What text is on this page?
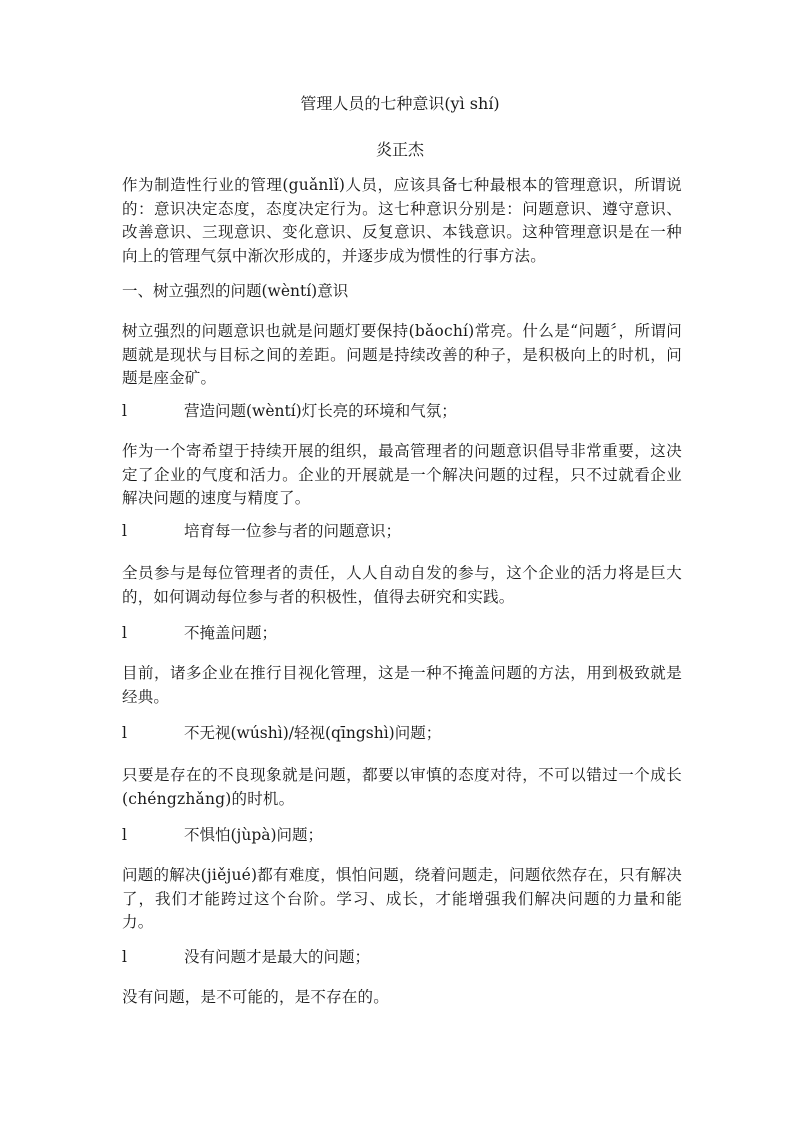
管理人员的七种意识(yì shí)
炎正杰
作为制造性行业的管理(guǎnlǐ)人员，应该具备七种最根本的管理意识，所谓说的：意识决定态度，态度决定行为。这七种意识分别是：问题意识、遵守意识、改善意识、三现意识、变化意识、反复意识、本钱意识。这种管理意识是在一种向上的管理气氛中渐次形成的，并逐步成为惯性的行事方法。
一、树立强烈的问题(wèntí)意识
树立强烈的问题意识也就是问题灯要保持(bǎochí)常亮。什么是“问题〞，所谓问题就是现状与目标之间的差距。问题是持续改善的种子，是积极向上的时机，问题是座金矿。
l	营造问题(wèntí)灯长亮的环境和气氛；
作为一个寄希望于持续开展的组织，最高管理者的问题意识倡导非常重要，这决定了企业的气度和活力。企业的开展就是一个解决问题的过程，只不过就看企业解决问题的速度与精度了。
l	培育每一位参与者的问题意识；
全员参与是每位管理者的责任，人人自动自发的参与，这个企业的活力将是巨大的，如何调动每位参与者的积极性，值得去研究和实践。
l	不掩盖问题；
目前，诸多企业在推行目视化管理，这是一种不掩盖问题的方法，用到极致就是经典。
l	不无视(wúshì)/轻视(qīngshì)问题；
只要是存在的不良现象就是问题，都要以审慎的态度对待，不可以错过一个成长(chéngzhǎng)的时机。
l	不惧怕(jùpà)问题；
问题的解决(jiějué)都有难度，惧怕问题，绕着问题走，问题依然存在，只有解决了，我们才能跨过这个台阶。学习、成长，才能增强我们解决问题的力量和能力。
l	没有问题才是最大的问题；
没有问题，是不可能的，是不存在的。
